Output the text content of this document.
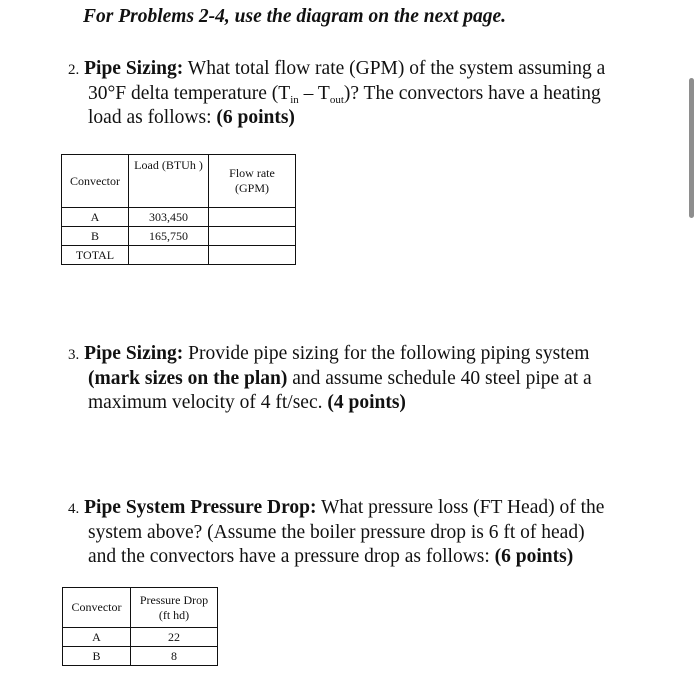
For Problems 2-4, use the diagram on the next page.

2. Pipe Sizing: What total flow rate (GPM) of the system assuming a
30°F delta temperature $(T_{in} - T_{out})$? The convectors have a heating
load as follows: (6 points)
Convector	Load (BTUh )	Flow rate (GPM)
A	303,450	
B	165,750	
TOTAL		
3. Pipe Sizing: Provide pipe sizing for the following piping system
(mark sizes on the plan) and assume schedule 40 steel pipe at a
maximum velocity of 4 ft/sec. (4 points)
4. Pipe System Pressure Drop: What pressure loss (FT Head) of the
system above? (Assume the boiler pressure drop is 6 ft of head)
and the convectors have a pressure drop as follows: (6 points)
Convector	Pressure Drop (ft hd)
A	22
B	8
